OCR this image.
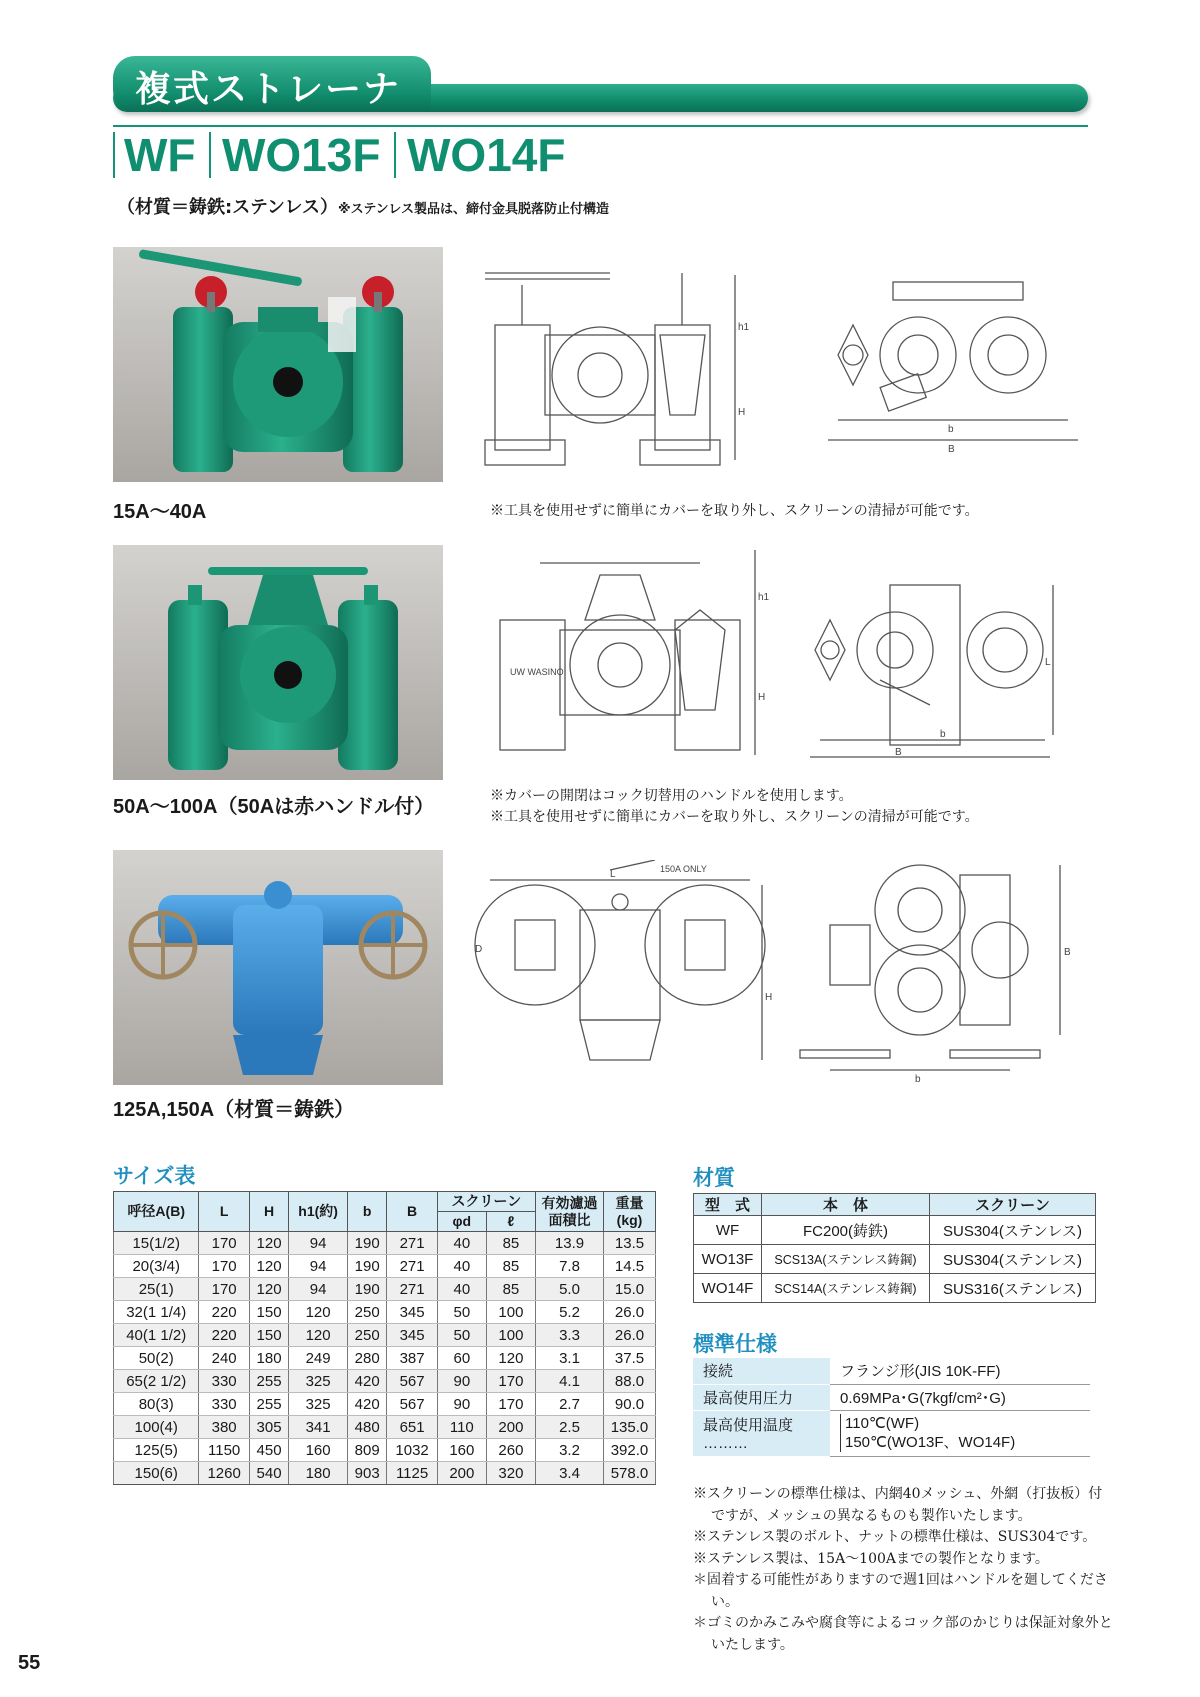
複式ストレーナ
WF WO13F WO14F
（材質＝鋳鉄:ステンレス）※ステンレス製品は、締付金具脱落防止付構造
15A〜40A
h1
H
b
B
※工具を使用せずに簡単にカバーを取り外し、スクリーンの清掃が可能です。
50A〜100A（50Aは赤ハンドル付）
UW WASINO
h1
H
b
B
L
※カバーの開閉はコック切替用のハンドルを使用します。
※工具を使用せずに簡単にカバーを取り外し、スクリーンの清掃が可能です。
125A,150A（材質＝鋳鉄）
150A ONLY
L
D
H
b
B
サイズ表
呼径A(B)	L	H	h1(約)	b	B	スクリーン		有効濾過面積比	重量(kg)
						φd	ℓ		
15(1/2)	170	120	94	190	271	40	85	13.9	13.5
20(3/4)	170	120	94	190	271	40	85	7.8	14.5
25(1)	170	120	94	190	271	40	85	5.0	15.0
32(1 1/4)	220	150	120	250	345	50	100	5.2	26.0
40(1 1/2)	220	150	120	250	345	50	100	3.3	26.0
50(2)	240	180	249	280	387	60	120	3.1	37.5
65(2 1/2)	330	255	325	420	567	90	170	4.1	88.0
80(3)	330	255	325	420	567	90	170	2.7	90.0
100(4)	380	305	341	480	651	110	200	2.5	135.0
125(5)	1150	450	160	809	1032	160	260	3.2	392.0
150(6)	1260	540	180	903	1125	200	320	3.4	578.0
材質
型　式	本　体	スクリーン
WF	FC200(鋳鉄)	SUS304(ステンレス)
WO13F	SCS13A(ステンレス鋳鋼)	SUS304(ステンレス)
WO14F	SCS14A(ステンレス鋳鋼)	SUS316(ステンレス)
標準仕様
接続	フランジ形(JIS 10K-FF)
最高使用圧力	0.69MPa･G(7kgf/cm²･G)
最高使用温度 ………	110℃(WF)
150℃(WO13F、WO14F)

※スクリーンの標準仕様は、内網40メッシュ、外網（打抜板）付ですが、メッシュの異なるものも製作いたします。

※ステンレス製のボルト、ナットの標準仕様は、SUS304です。

※ステンレス製は、15A〜100Aまでの製作となります。

＊固着する可能性がありますので週1回はハンドルを廻してください。

＊ゴミのかみこみや腐食等によるコック部のかじりは保証対象外といたします。

55
